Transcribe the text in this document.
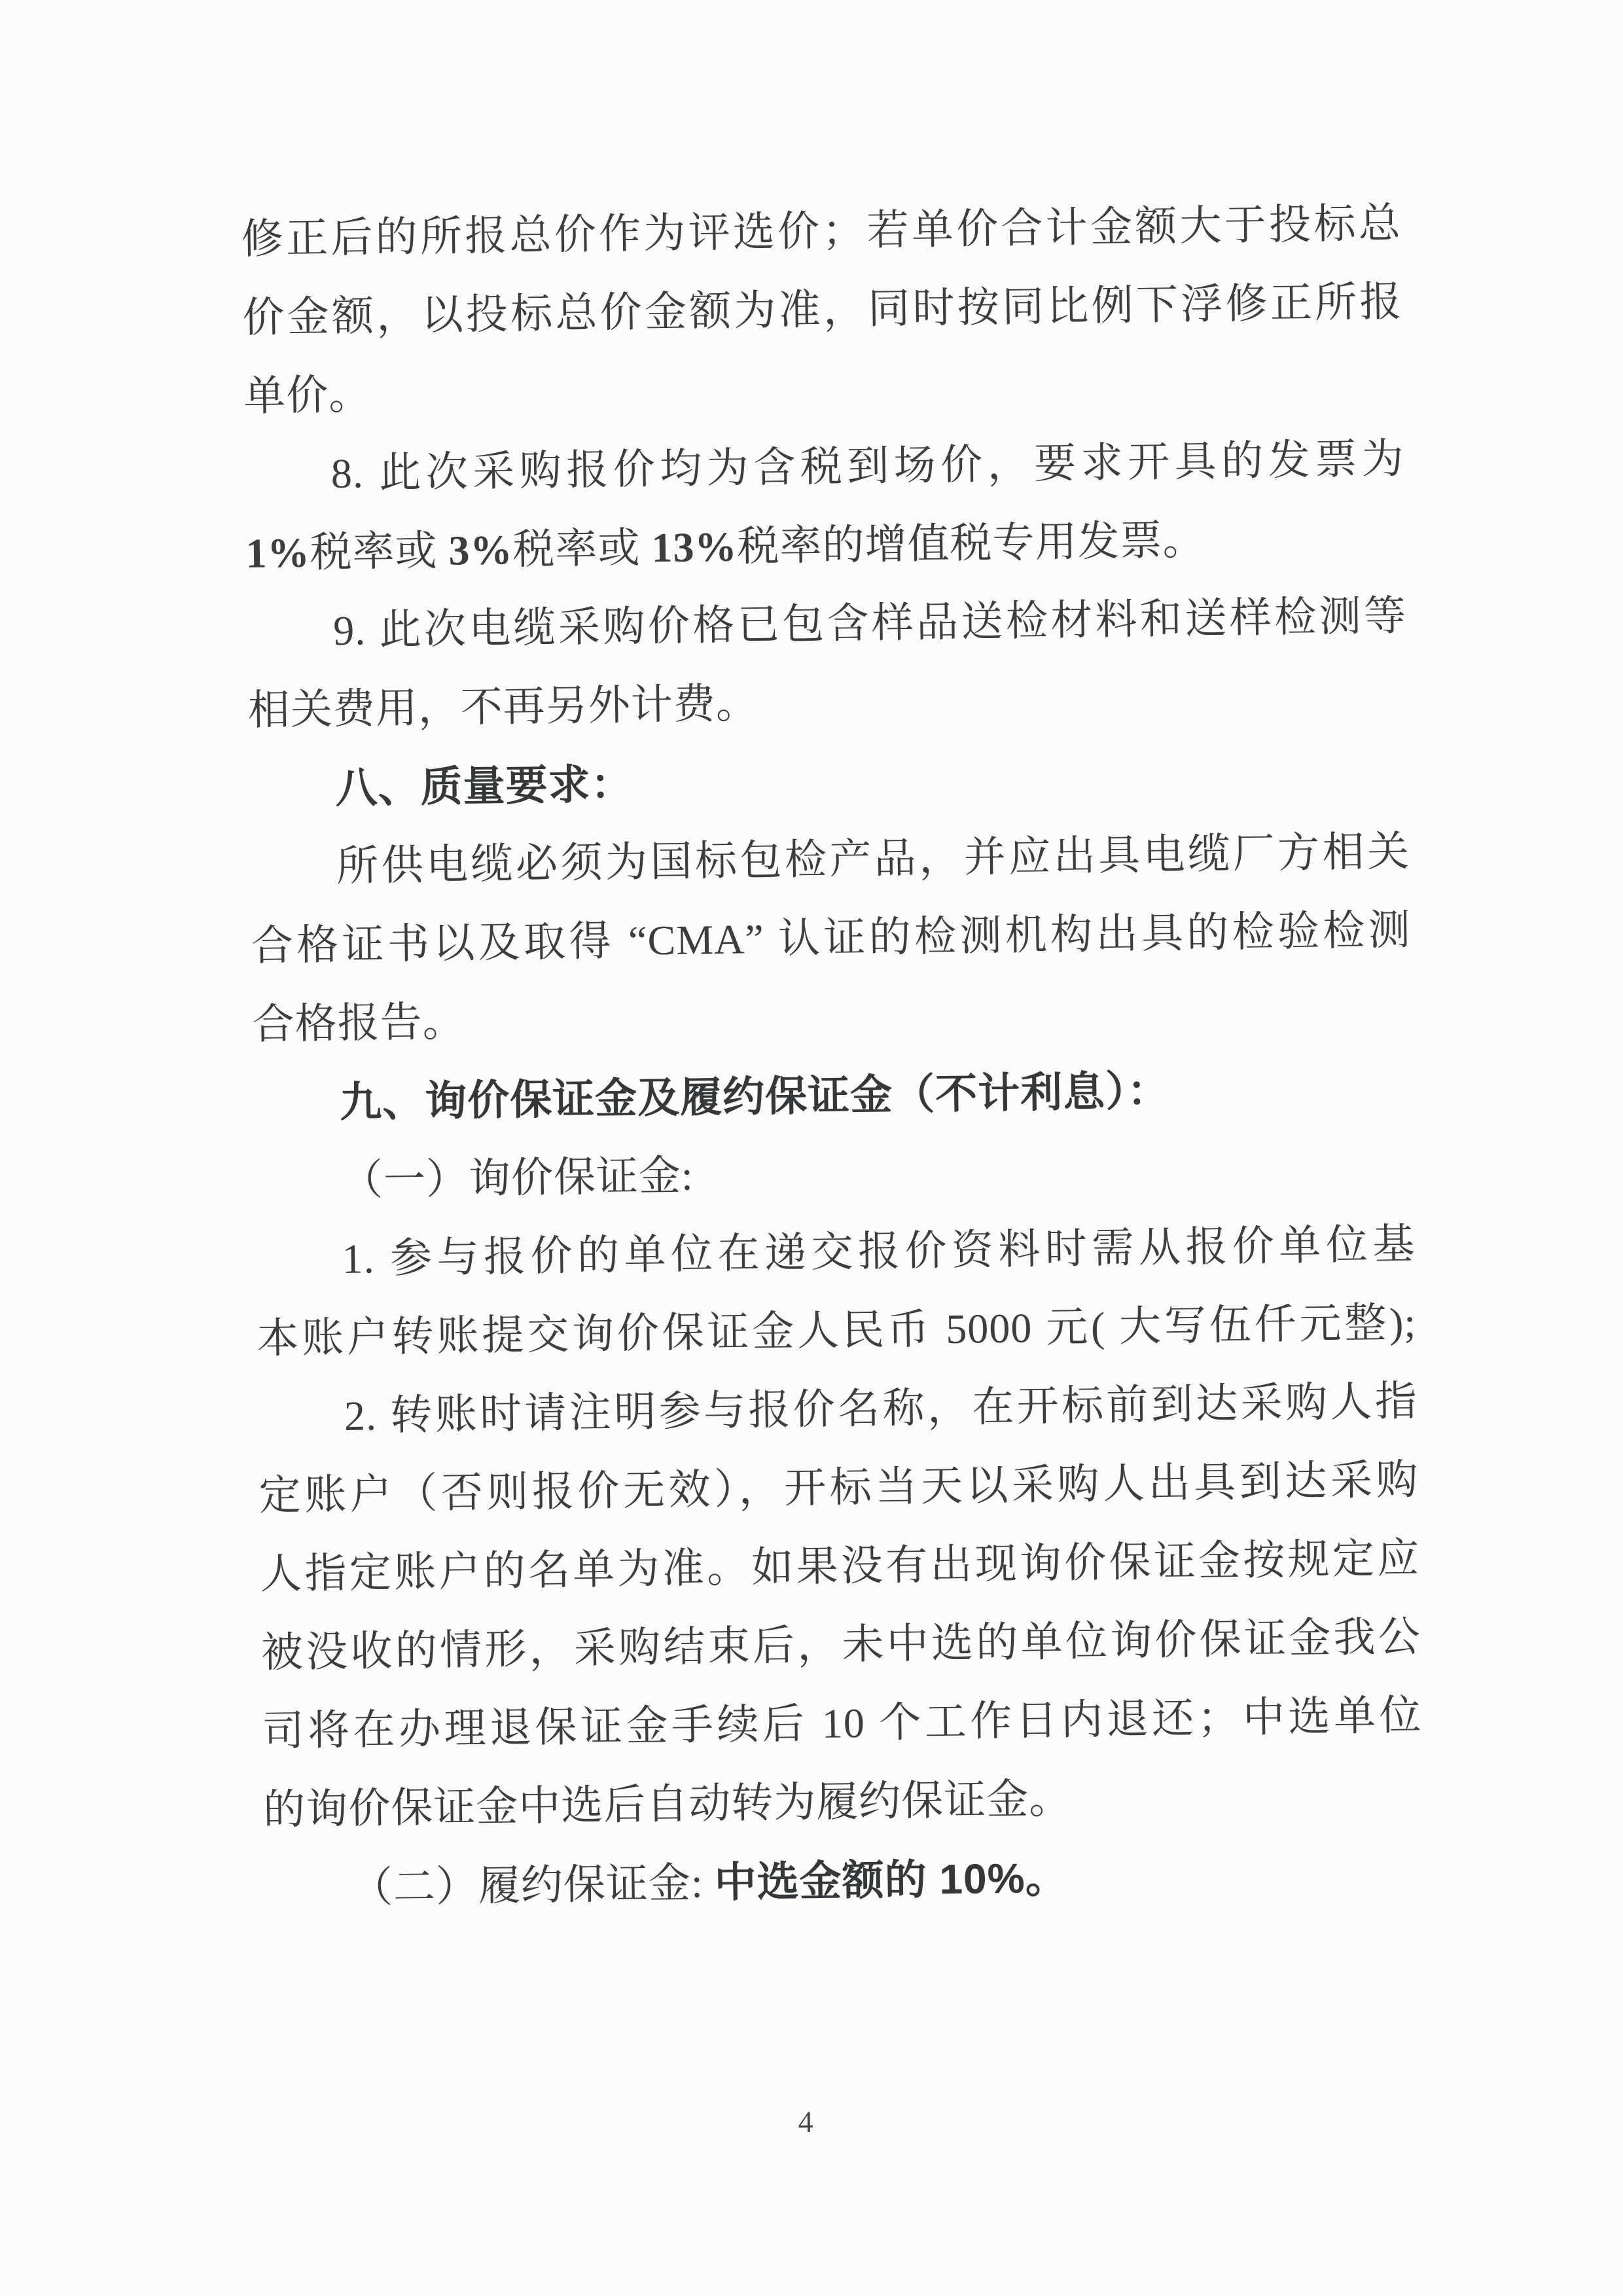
修正后的所报总价作为评选价；若单价合计金额大于投标总
价金额，以投标总价金额为准，同时按同比例下浮修正所报
单价。
8. 此次采购报价均为含税到场价，要求开具的发票为
1%税率或 3%税率或 13%税率的增值税专用发票。
9. 此次电缆采购价格已包含样品送检材料和送样检测等
相关费用，不再另外计费。
八、质量要求：
所供电缆必须为国标包检产品，并应出具电缆厂方相关
合格证书以及取得 “CMA” 认证的检测机构出具的检验检测
合格报告。
九、询价保证金及履约保证金（不计利息）：
（一）询价保证金:
1. 参与报价的单位在递交报价资料时需从报价单位基
本账户转账提交询价保证金人民币 5000 元( 大写伍仟元整);
2. 转账时请注明参与报价名称，在开标前到达采购人指
定账户（否则报价无效），开标当天以采购人出具到达采购
人指定账户的名单为准。如果没有出现询价保证金按规定应
被没收的情形，采购结束后，未中选的单位询价保证金我公
司将在办理退保证金手续后 10 个工作日内退还；中选单位
的询价保证金中选后自动转为履约保证金。
（二）履约保证金: 中选金额的 10%。
4
